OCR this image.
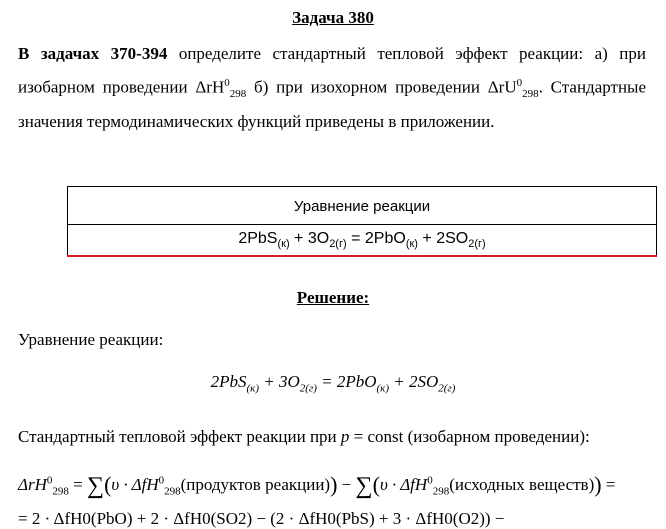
Задача 380
В задачах 370-394 определите стандартный тепловой эффект реакции: а) при изобарном проведении ΔrH$^0_{298}$ б) при изохорном проведении ΔrU$^0_{298}$. Стандартные значения термодинамических функций приведены в приложении.
Уравнение реакции
$2PbS_{(к)} + 3O_{2(г)} = 2PbO_{(к)} + 2SO_{2(г)}$
Решение:
Уравнение реакции:
$2PbS_{(к)} + 3O_{2(г)} = 2PbO_{(к)} + 2SO_{2(г)}$
Стандартный тепловой эффект реакции при p = const (изобарном проведении):
ΔrH$^0_{298}$ = ∑(υ · ΔfH$^0_{298}$(продуктов реакции)) − ∑(υ · ΔfH$^0_{298}$(исходных веществ)) =
= 2 · ΔfH0(PbO) + 2 · ΔfH0(SO2) − (2 · ΔfH0(PbS) + 3 · ΔfH0(O2)) −
